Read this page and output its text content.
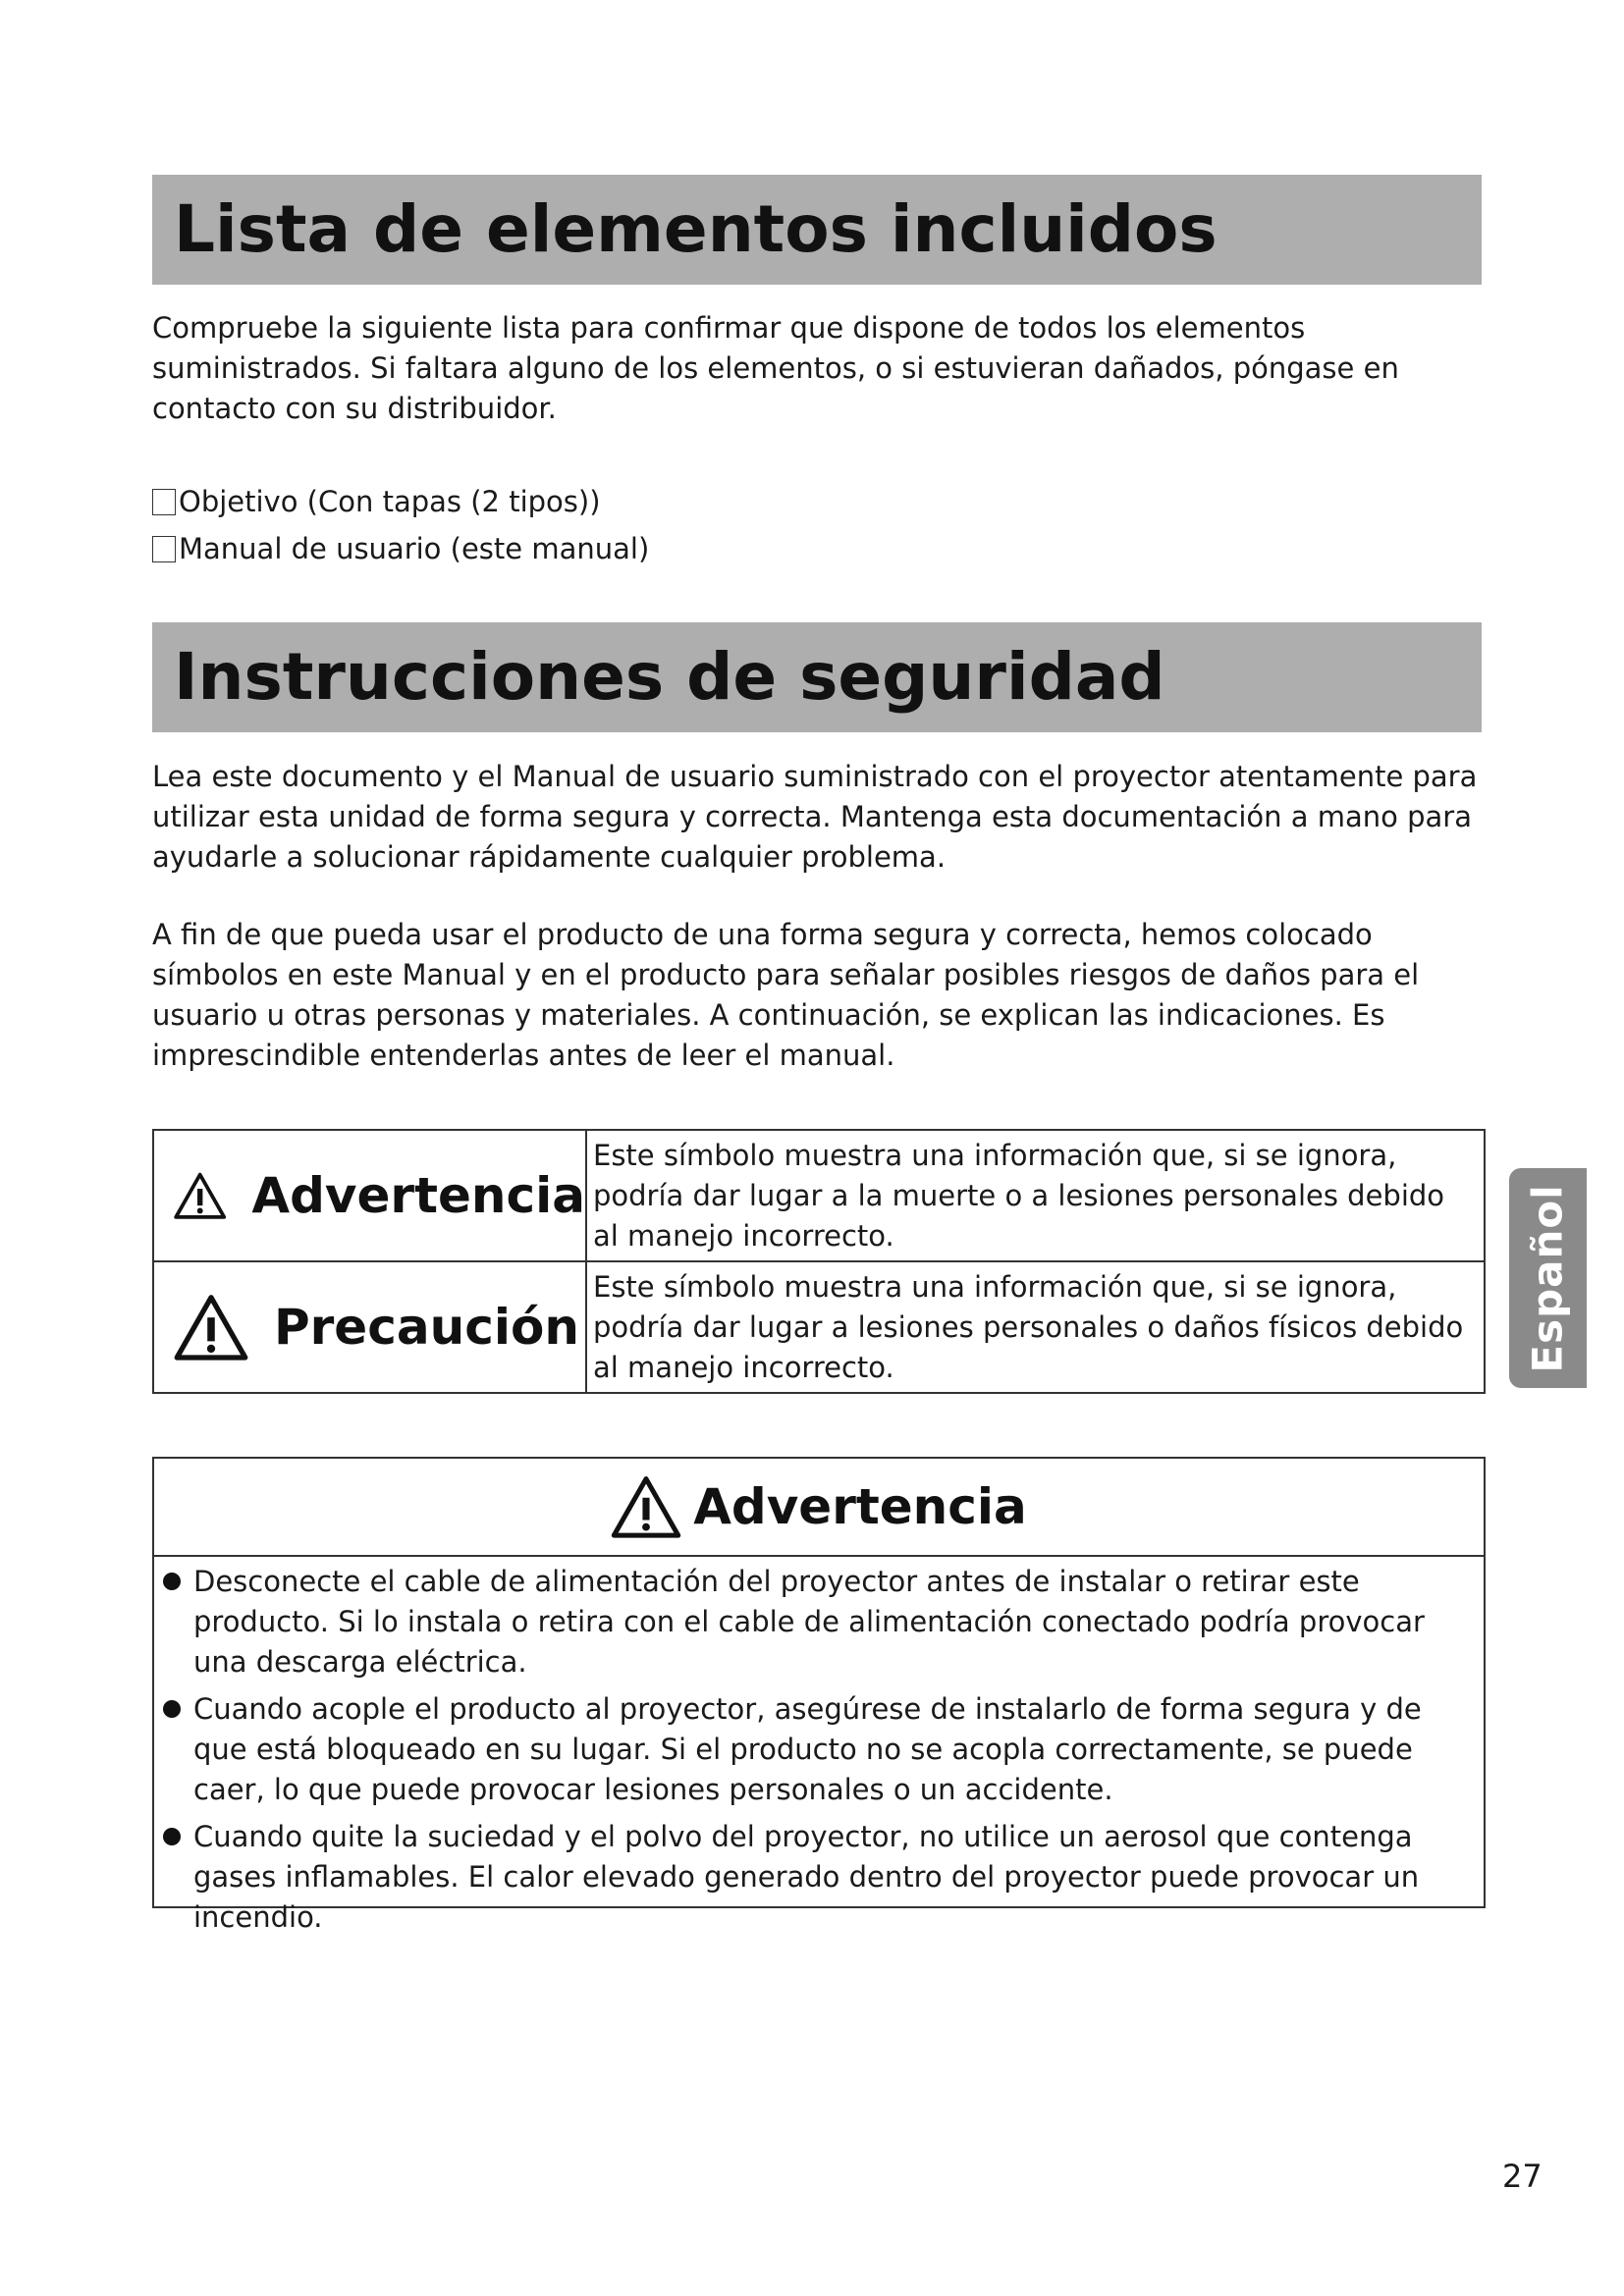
Lista de elementos incluidos

Compruebe la siguiente lista para confirmar que dispone de todos los elementos suministrados. Si faltara alguno de los elementos, o si estuvieran dañados, póngase en contacto con su distribuidor.

Objetivo (Con tapas (2 tipos))
Manual de usuario (este manual)
Instrucciones de seguridad

Lea este documento y el Manual de usuario suministrado con el proyector atentamente para utilizar esta unidad de forma segura y correcta. Mantenga esta documentación a mano para ayudarle a solucionar rápidamente cualquier problema.

A fin de que pueda usar el producto de una forma segura y correcta, hemos colocado símbolos en este Manual y en el producto para señalar posibles riesgos de daños para el usuario u otras personas y materiales. A continuación, se explican las indicaciones. Es imprescindible entenderlas antes de leer el manual.

Advertencia	Este símbolo muestra una información que, si se ignora, podría dar lugar a la muerte o a lesiones personales debido al manejo incorrecto.

Precaución	Este símbolo muestra una información que, si se ignora, podría dar lugar a lesiones personales o daños físicos debido al manejo incorrecto.
Advertencia
Desconecte el cable de alimentación del proyector antes de instalar o retirar este producto. Si lo instala o retira con el cable de alimentación conectado podría provocar una descarga eléctrica.
Cuando acople el producto al proyector, asegúrese de instalarlo de forma segura y de que está bloqueado en su lugar. Si el producto no se acopla correctamente, se puede caer, lo que puede provocar lesiones personales o un accidente.
Cuando quite la suciedad y el polvo del proyector, no utilice un aerosol que contenga gases inflamables. El calor elevado generado dentro del proyector puede provocar un incendio.
Español
27
